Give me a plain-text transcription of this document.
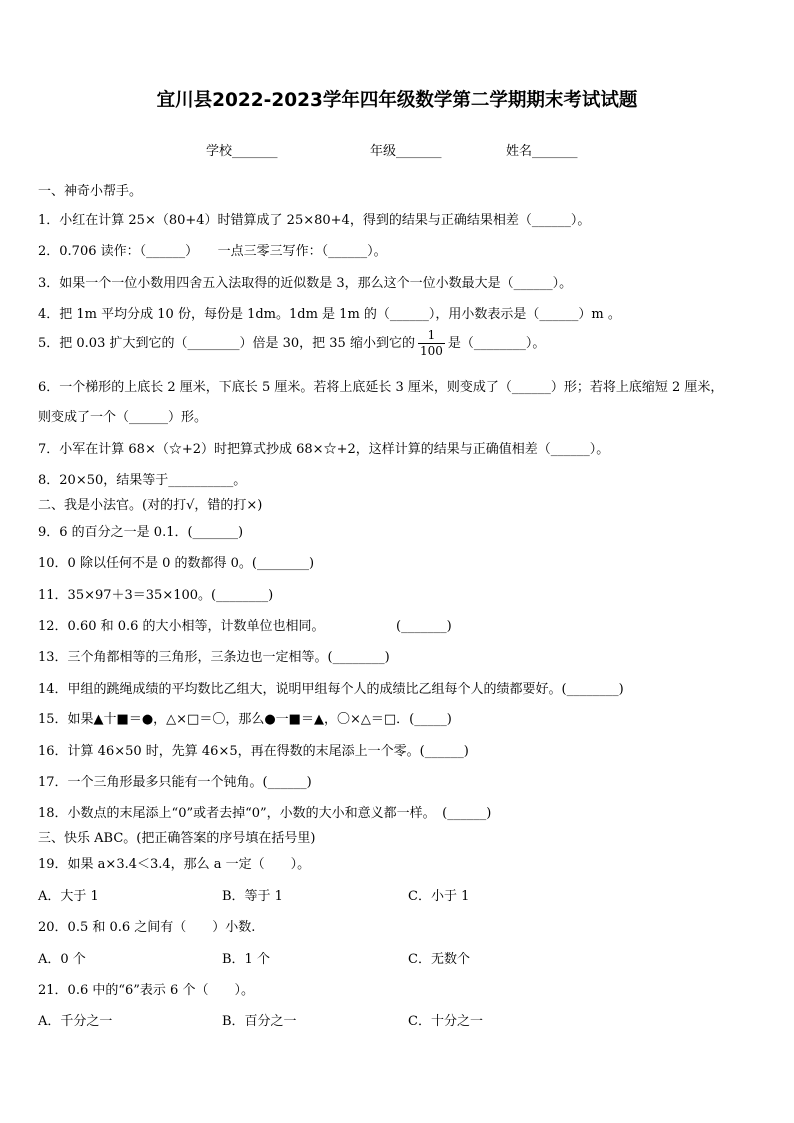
宜川县2022-2023学年四年级数学第二学期期末考试试题
学校_______	年级_______	姓名_______
一、神奇小帮手。
1．小红在计算 25×（80+4）时错算成了 25×80+4，得到的结果与正确结果相差（______）。
2．0.706 读作：（______）　　一点三零三写作：（______）。
3．如果一个一位小数用四舍五入法取得的近似数是 3，那么这个一位小数最大是（______）。
4．把 1m 平均分成 10 份，每份是 1dm。1dm 是 1m 的（______），用小数表示是（______）m 。
5．把 0.03 扩大到它的（________）倍是 30，把 35 缩小到它的 $\frac{1}{100}$ 是（________）。
6．一个梯形的上底长 2 厘米，下底长 5 厘米。若将上底延长 3 厘米，则变成了（______）形；若将上底缩短 2 厘米，
则变成了一个（______）形。
7．小军在计算 68×（☆+2）时把算式抄成 68×☆+2，这样计算的结果与正确值相差（______）。
8．20×50，结果等于__________。
二、我是小法官。(对的打√，错的打×)
9．6 的百分之一是 0.1．(_______)
10．0 除以任何不是 0 的数都得 0。(________)
11．35×97＋3＝35×100。(________)
12．0.60 和 0.6 的大小相等，计数单位也相同。　　　　　　(_______)
13．三个角都相等的三角形，三条边也一定相等。(________)
14．甲组的跳绳成绩的平均数比乙组大，说明甲组每个人的成绩比乙组每个人的绩都要好。(________)
15．如果▲十■＝●，△×□＝〇，那么●一■＝▲，〇×△＝□．(_____)
16．计算 46×50 时，先算 46×5，再在得数的末尾添上一个零。(______)
17．一个三角形最多只能有一个钝角。(______)
18．小数点的末尾添上“0”或者去掉“0”，小数的大小和意义都一样。　(______)
三、快乐 ABC。(把正确答案的序号填在括号里)
19．如果 a×3.4＜3.4，那么 a 一定（　　）。
A．大于 1	B．等于 1	C．小于 1
20．0.5 和 0.6 之间有（　　）小数.
A．0 个	B．1 个	C．无数个
21．0.6 中的“6”表示 6 个（　　）。
A．千分之一	B．百分之一	C．十分之一
